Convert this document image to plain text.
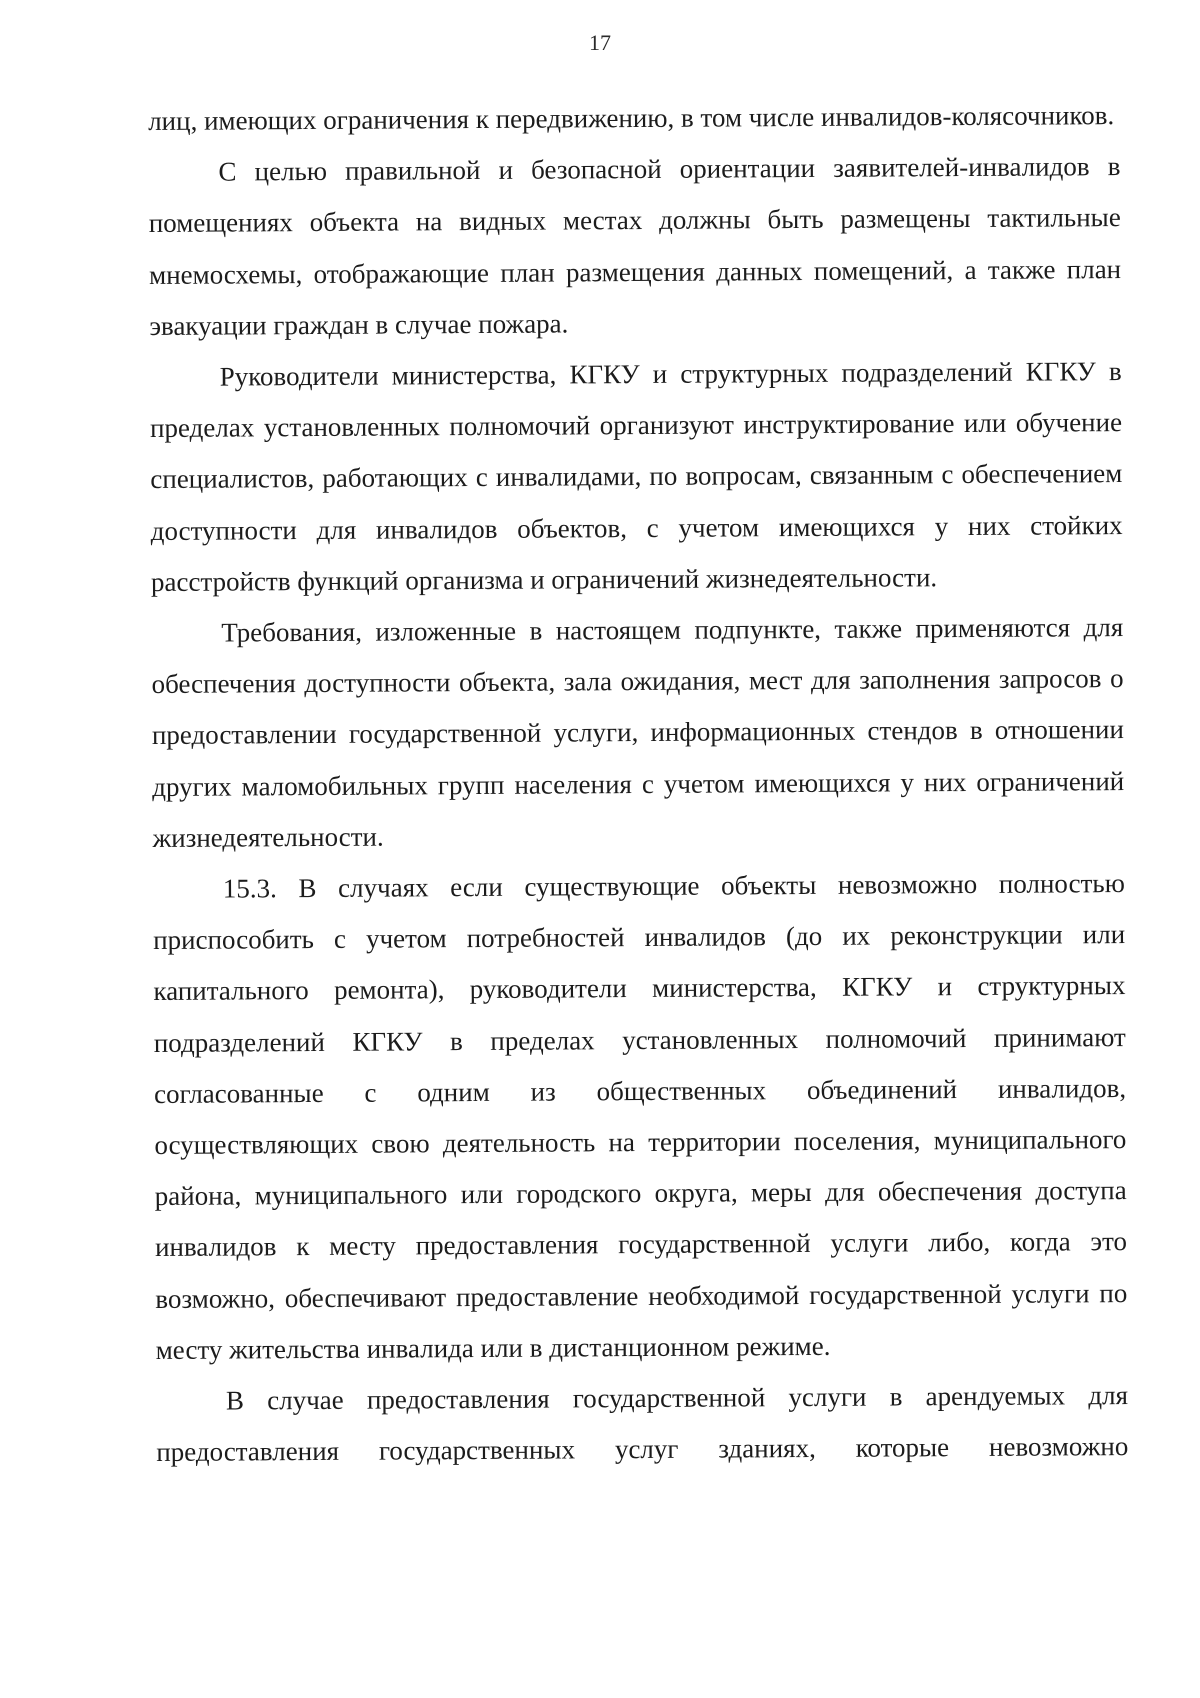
17

лиц, имеющих ограничения к передвижению, в том числе инвалидов-колясочников.

С целью правильной и безопасной ориентации заявителей-инвалидов в помещениях объекта на видных местах должны быть размещены тактильные мнемосхемы, отображающие план размещения данных помещений, а также план эвакуации граждан в случае пожара.

Руководители министерства, КГКУ и структурных подразделений КГКУ в пределах установленных полномочий организуют инструктирование или обучение специалистов, работающих с инвалидами, по вопросам, связанным с обеспечением доступности для инвалидов объектов, с учетом имеющихся у них стойких расстройств функций организма и ограничений жизнедеятельности.

Требования, изложенные в настоящем подпункте, также применяются для обеспечения доступности объекта, зала ожидания, мест для заполнения запросов о предоставлении государственной услуги, информационных стендов в отношении других маломобильных групп населения с учетом имеющихся у них ограничений жизнедеятельности.

15.3. В случаях если существующие объекты невозможно полностью приспособить с учетом потребностей инвалидов (до их реконструкции или капитального ремонта), руководители министерства, КГКУ и структурных подразделений КГКУ в пределах установленных полномочий принимают согласованные с одним из общественных объединений инвалидов, осуществляющих свою деятельность на территории поселения, муниципального района, муниципального или городского округа, меры для обеспечения доступа инвалидов к месту предоставления государственной услуги либо, когда это возможно, обеспечивают предоставление необходимой государственной услуги по месту жительства инвалида или в дистанционном режиме.

В случае предоставления государственной услуги в арендуемых для предоставления государственных услуг зданиях, которые невозможно
